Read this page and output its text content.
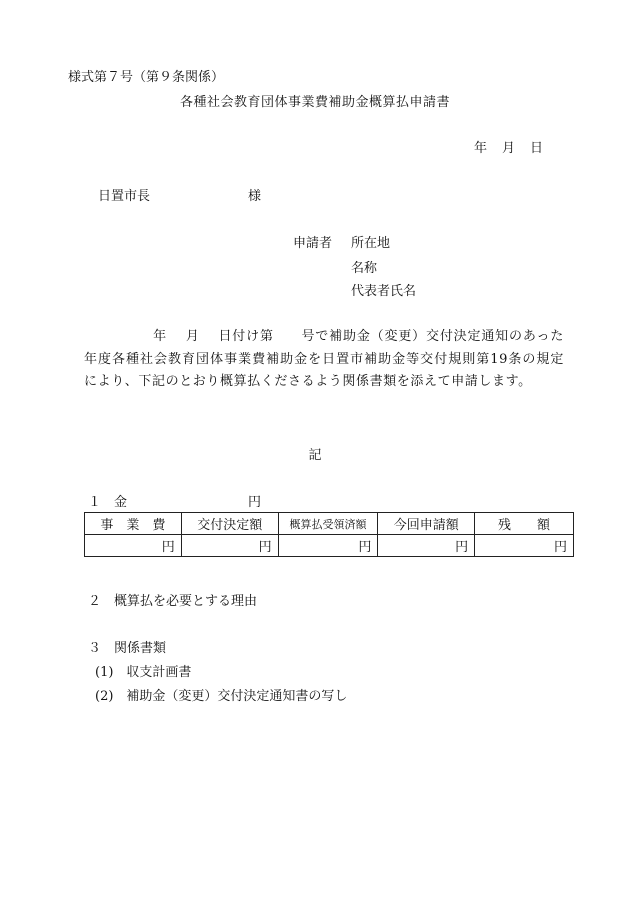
様式第７号（第９条関係）
各種社会教育団体事業費補助金概算払申請書
年　月　日
日置市長	様
申請者 所在地
名称
代表者氏名
　　　　　年　 月　 日付け第　　号で補助金（変更）交付決定通知のあった　　　年度各種社会教育団体事業費補助金を日置市補助金等交付規則第19条の規定により、下記のとおり概算払くださるよう関係書類を添えて申請します。
記
１　金	円
事　業　費	交付決定額	概算払受領済額	今回申請額	残　　額
円	円	円	円	円
２　概算払を必要とする理由
３　関係書類
(1)　収支計画書
(2)　補助金（変更）交付決定通知書の写し
